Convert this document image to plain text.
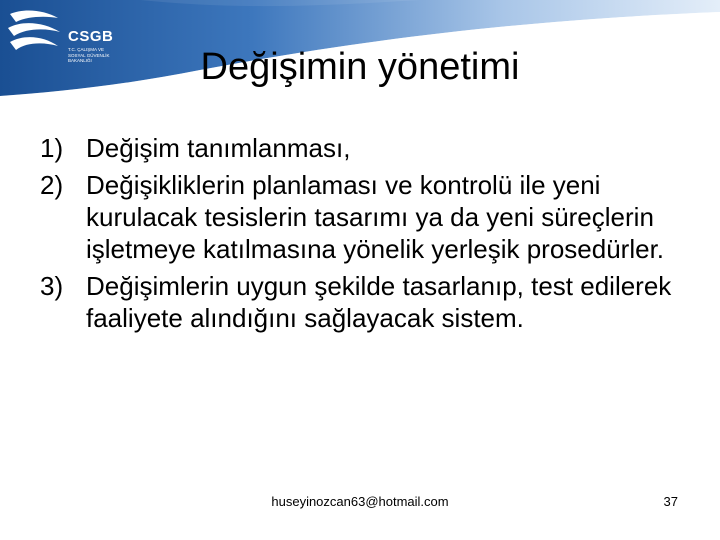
CSGB
T.C. ÇALIŞMA VE
SOSYAL GÜVENLİK
BAKANLIĞI	Değişimin yönetimi
1) Değişim tanımlanması,
2) Değişikliklerin planlaması ve kontrolü ile yeni kurulacak tesislerin tasarımı ya da yeni süreçlerin işletmeye katılmasına yönelik yerleşik prosedürler.
3) Değişimlerin uygun şekilde tasarlanıp, test edilerek faaliyete alındığını sağlayacak sistem.
huseyinozcan63@hotmail.com	37
